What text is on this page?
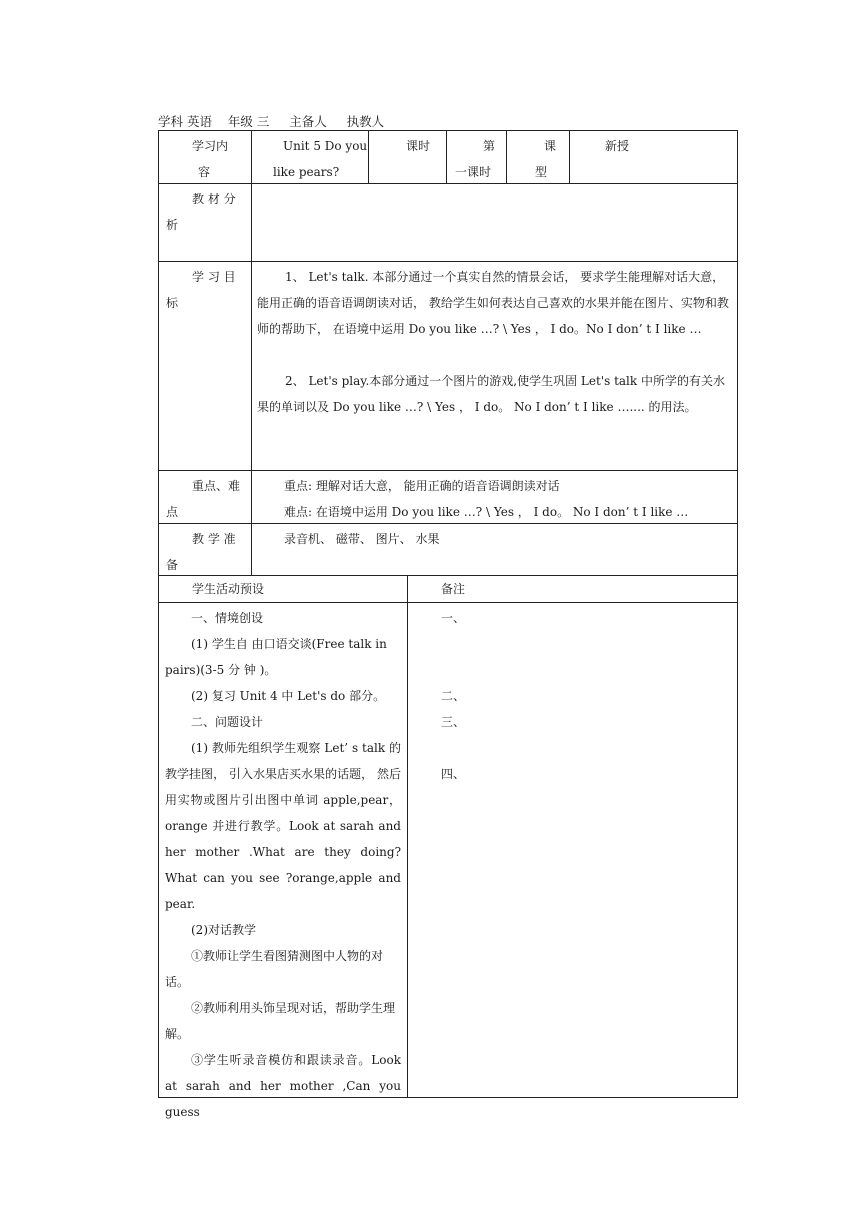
学科 英语    年级 三     主备人     执教人
学习内
容
Unit 5 Do you
like pears?
课时	第
一课时
课
型
新授
教 材 分
析
学 习 目
标
1、 Let's talk. 本部分通过一个真实自然的情景会话， 要求学生能理解对话大意， 能用正确的语音语调朗读对话， 教给学生如何表达自己喜欢的水果并能在图片、实物和教师的帮助下， 在语境中运用 Do you like …? \ Yes ， I do。No I don’ t I like …
2、 Let's play.本部分通过一个图片的游戏,使学生巩固 Let's talk 中所学的有关水果的单词以及 Do you like …? \ Yes ， I do。 No I don’ t I like ….... 的用法。
重点、难
点
重点: 理解对话大意， 能用正确的语音语调朗读对话
难点: 在语境中运用 Do you like …? \ Yes ， I do。 No I don’ t I like …
教 学 准
备
录音机、 磁带、 图片、 水果
学生活动预设	备注
一、情境创设
(1) 学生自 由口语交谈(Free talk in pairs)(3-5 分 钟 )。
(2) 复习 Unit 4 中 Let's do 部分。
二、问题设计
(1) 教师先组织学生观察 Let’ s talk 的教学挂图， 引入水果店买水果的话题， 然后用实物或图片引出图中单词 apple,pear， orange 并进行教学。Look at sarah and her mother .What are they doing? What can you see ?orange,apple and pear.
(2)对话教学
①教师让学生看图猜测图中人物的对话。
②教师利用头饰呈现对话，帮助学生理解。
③学生听录音模仿和跟读录音。Look at sarah and her mother ,Can you guess
一、
二、
三、
四、
